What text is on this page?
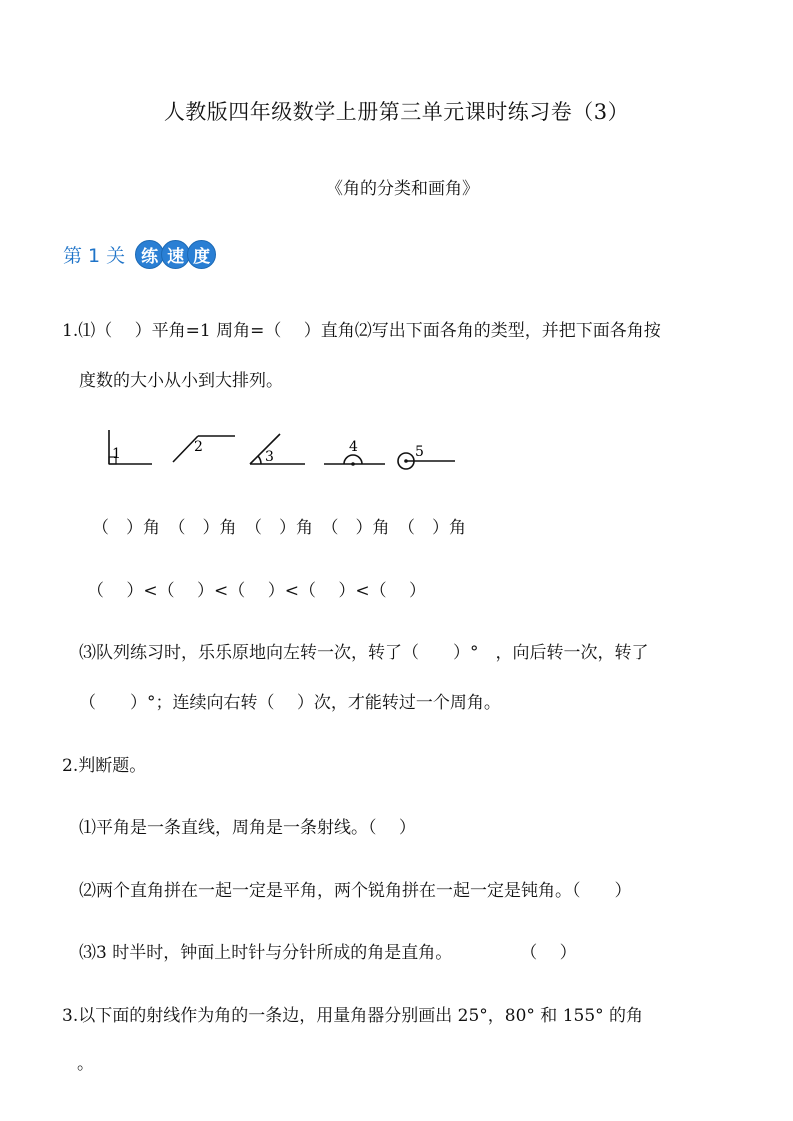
人教版四年级数学上册第三单元课时练习卷（3）
《角的分类和画角》
第 1 关 练 速 度
1.⑴（　 ）平角=1 周角=（　 ）直角⑵写出下面各角的类型，并把下面各角按
度数的大小从小到大排列。
1	2
3
4	5
（　）角　（　）角　（　）角　（　）角　（　）角
（　 ）<（　 ）<（　 ）<（　 ）<（　 ）
⑶队列练习时，乐乐原地向左转一次，转了（　　）°　，向后转一次，转了
（　　）°；连续向右转（　 ）次，才能转过一个周角。
2.判断题。
⑴平角是一条直线，周角是一条射线。（　 ）
⑵两个直角拼在一起一定是平角，两个锐角拼在一起一定是钝角。（　　）
⑶3 时半时，钟面上时针与分针所成的角是直角。　　　　　（　 ）
3.以下面的射线作为角的一条边，用量角器分别画出 25°，80° 和 155° 的角
。
